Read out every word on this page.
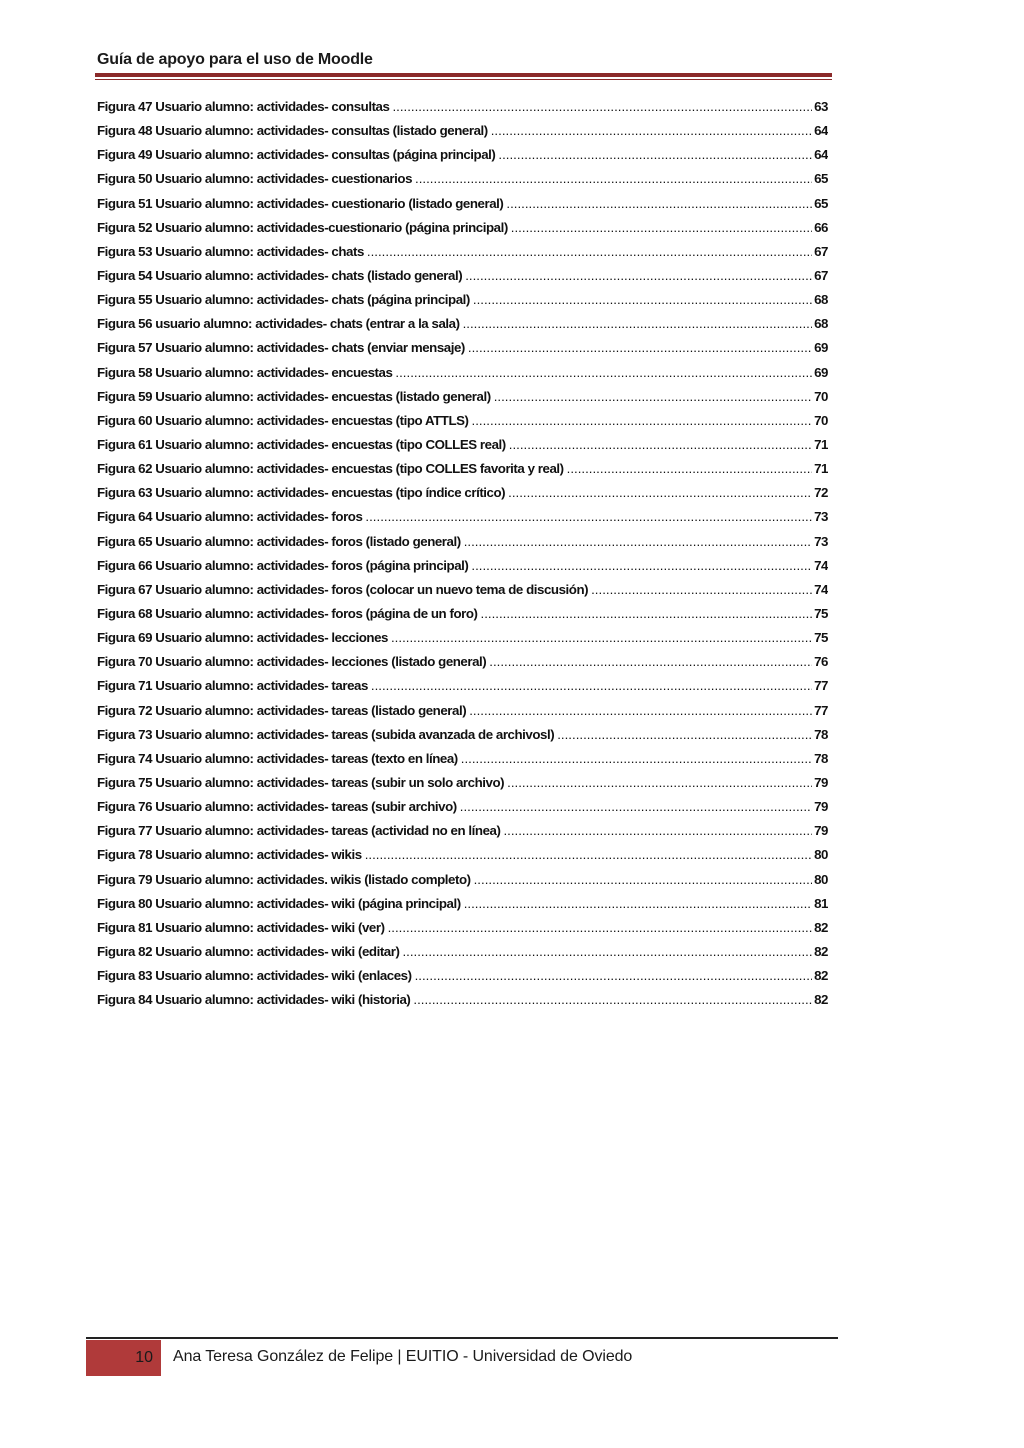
Guía de apoyo para el uso de Moodle
Figura 47 Usuario alumno: actividades- consultas .....	63
Figura 48 Usuario alumno: actividades- consultas (listado general) .....	64
Figura 49 Usuario alumno: actividades- consultas (página principal) .....	64
Figura 50 Usuario alumno: actividades- cuestionarios .....	65
Figura 51 Usuario alumno: actividades- cuestionario (listado general) .....	65
Figura 52 Usuario alumno: actividades-cuestionario (página principal) .....	66
Figura 53 Usuario alumno: actividades- chats .....	67
Figura 54 Usuario alumno: actividades- chats (listado general) .....	67
Figura 55 Usuario alumno: actividades- chats (página principal) .....	68
Figura 56 usuario alumno: actividades- chats (entrar a la sala) .....	68
Figura 57 Usuario alumno: actividades- chats (enviar mensaje) .....	69
Figura 58 Usuario alumno: actividades- encuestas .....	69
Figura 59 Usuario alumno: actividades- encuestas (listado general) .....	70
Figura 60 Usuario alumno: actividades- encuestas (tipo ATTLS) .....	70
Figura 61 Usuario alumno: actividades- encuestas (tipo COLLES real) .....	71
Figura 62 Usuario alumno: actividades- encuestas (tipo COLLES favorita y real) .....	71
Figura 63 Usuario alumno: actividades- encuestas (tipo índice crítico) .....	72
Figura 64 Usuario alumno: actividades- foros .....	73
Figura 65 Usuario alumno: actividades- foros (listado general) .....	73
Figura 66 Usuario alumno: actividades- foros (página principal) .....	74
Figura 67 Usuario alumno: actividades- foros (colocar un nuevo tema de discusión) .....	74
Figura 68 Usuario alumno: actividades- foros (página de un foro) .....	75
Figura 69 Usuario alumno: actividades- lecciones .....	75
Figura 70 Usuario alumno: actividades- lecciones (listado general) .....	76
Figura 71 Usuario alumno: actividades- tareas .....	77
Figura 72 Usuario alumno: actividades- tareas (listado general) .....	77
Figura 73 Usuario alumno: actividades- tareas (subida avanzada de archivosl) .....	78
Figura 74 Usuario alumno: actividades- tareas (texto en línea) .....	78
Figura 75 Usuario alumno: actividades- tareas (subir un solo archivo) .....	79
Figura 76 Usuario alumno: actividades- tareas (subir archivo) .....	79
Figura 77 Usuario alumno: actividades- tareas (actividad no en línea) .....	79
Figura 78 Usuario alumno: actividades- wikis .....	80
Figura 79 Usuario alumno: actividades. wikis (listado completo) .....	80
Figura 80 Usuario alumno: actividades- wiki (página principal) .....	81
Figura 81 Usuario alumno: actividades- wiki (ver) .....	82
Figura 82 Usuario alumno: actividades- wiki (editar) .....	82
Figura 83 Usuario alumno: actividades- wiki (enlaces) .....	82
Figura 84 Usuario alumno: actividades- wiki (historia) .....	82
10 Ana Teresa González de Felipe | EUITIO - Universidad de Oviedo
